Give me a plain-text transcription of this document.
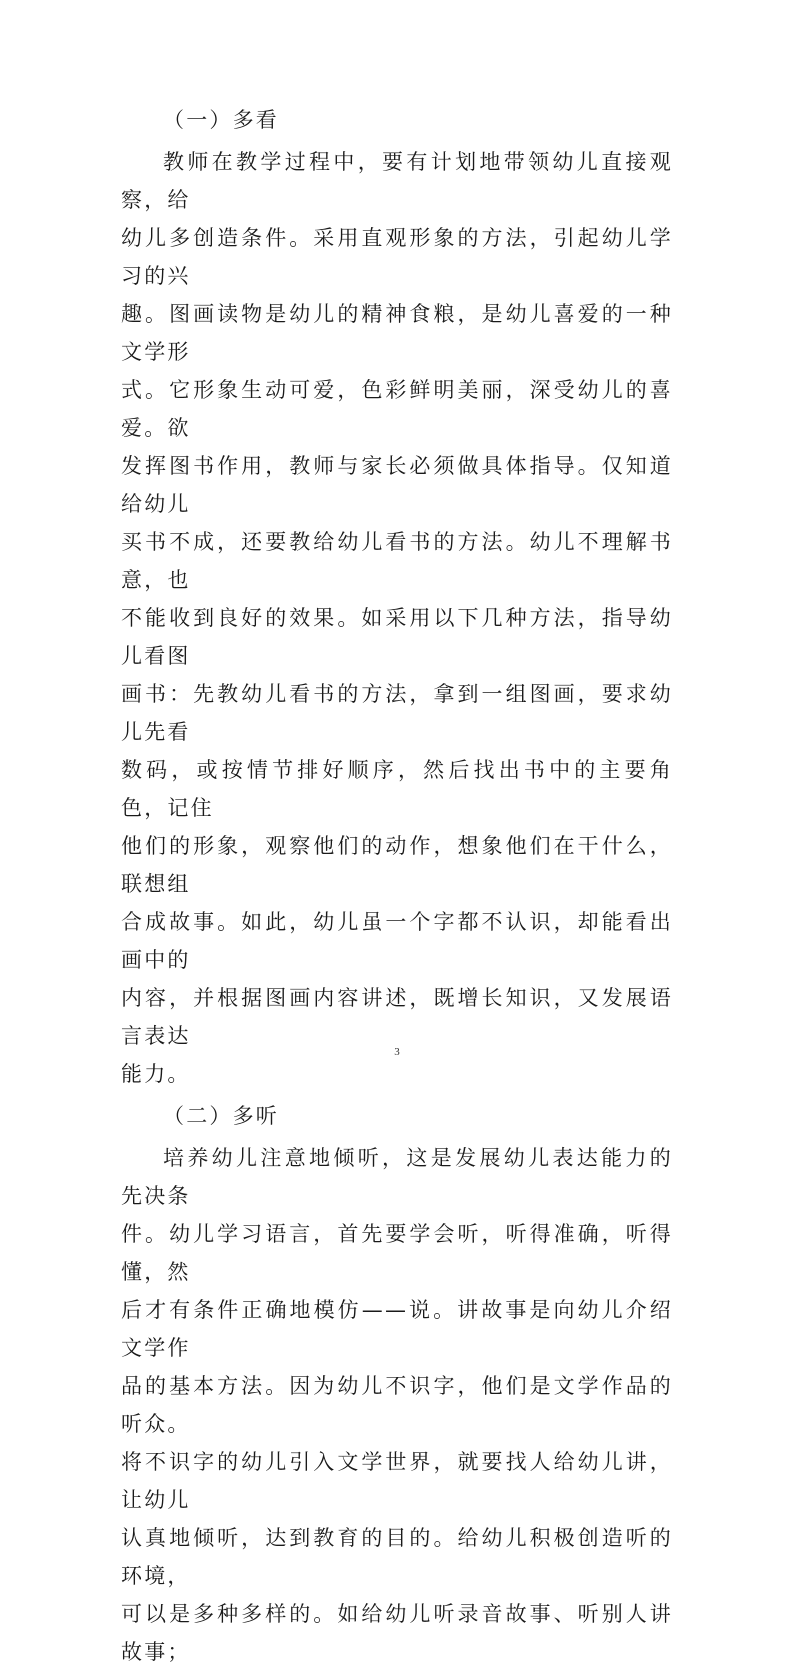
（一）多看

教师在教学过程中，要有计划地带领幼儿直接观察，给

幼儿多创造条件。采用直观形象的方法，引起幼儿学习的兴

趣。图画读物是幼儿的精神食粮，是幼儿喜爱的一种文学形

式。它形象生动可爱，色彩鲜明美丽，深受幼儿的喜爱。欲

发挥图书作用，教师与家长必须做具体指导。仅知道给幼儿

买书不成，还要教给幼儿看书的方法。幼儿不理解书意，也

不能收到良好的效果。如采用以下几种方法，指导幼儿看图

画书：先教幼儿看书的方法，拿到一组图画，要求幼儿先看

数码，或按情节排好顺序，然后找出书中的主要角色，记住

他们的形象，观察他们的动作，想象他们在干什么，联想组

合成故事。如此，幼儿虽一个字都不认识，却能看出画中的

内容，并根据图画内容讲述，既增长知识，又发展语言表达

能力。

（二）多听

培养幼儿注意地倾听，这是发展幼儿表达能力的先决条

件。幼儿学习语言，首先要学会听，听得准确，听得懂，然

后才有条件正确地模仿——说。讲故事是向幼儿介绍文学作

品的基本方法。因为幼儿不识字，他们是文学作品的听众。

将不识字的幼儿引入文学世界，就要找人给幼儿讲，让幼儿

认真地倾听，达到教育的目的。给幼儿积极创造听的环境，

可以是多种多样的。如给幼儿听录音故事、听别人讲故事；

3
